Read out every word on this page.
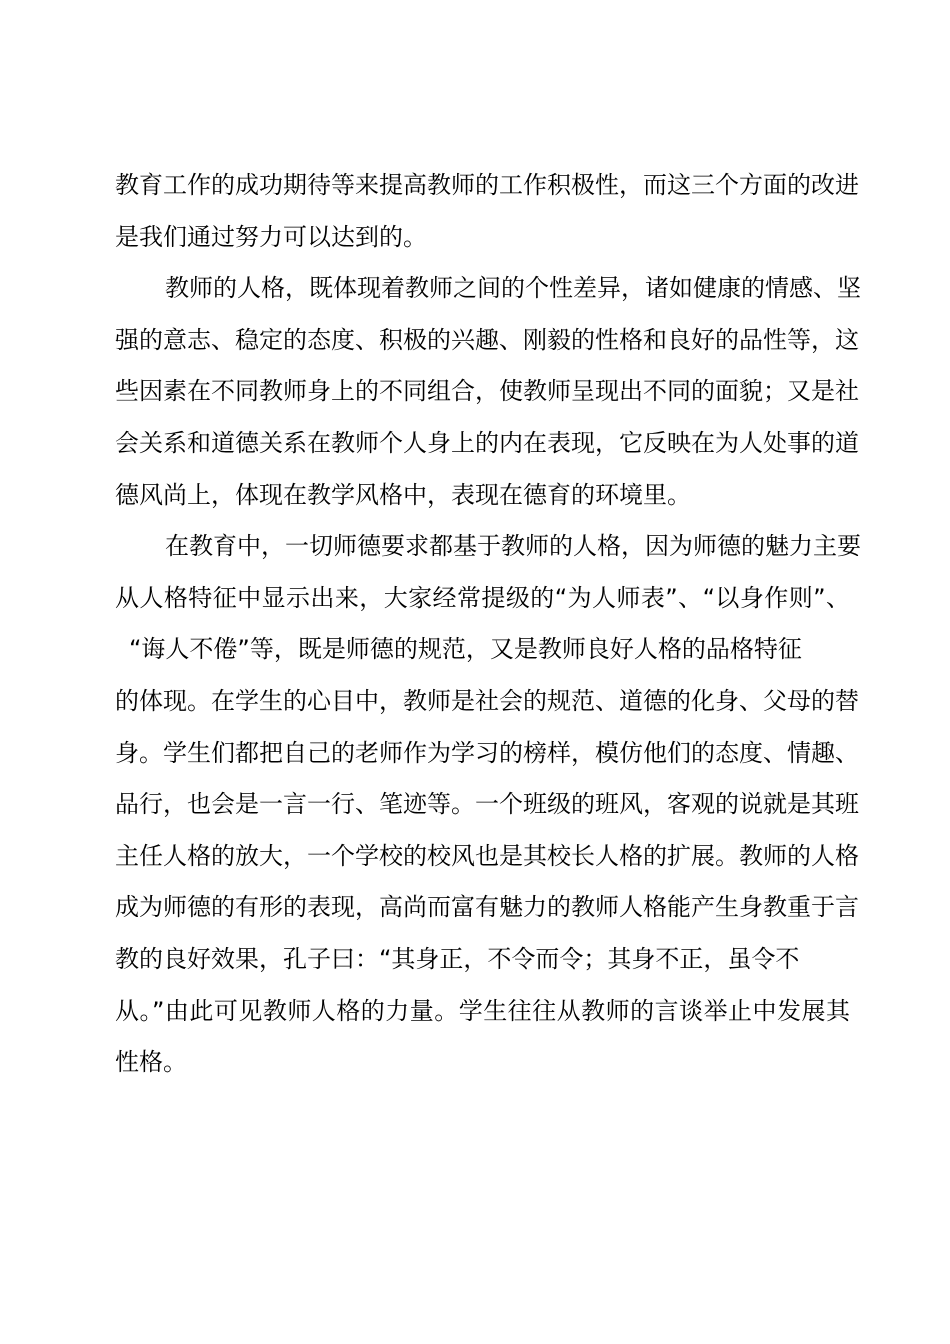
教育工作的成功期待等来提高教师的工作积极性，而这三个方面的改进
是我们通过努力可以达到的。
教师的人格，既体现着教师之间的个性差异，诸如健康的情感、坚
强的意志、稳定的态度、积极的兴趣、刚毅的性格和良好的品性等，这
些因素在不同教师身上的不同组合，使教师呈现出不同的面貌；又是社
会关系和道德关系在教师个人身上的内在表现，它反映在为人处事的道
德风尚上，体现在教学风格中，表现在德育的环境里。
在教育中，一切师德要求都基于教师的人格，因为师德的魅力主要
从人格特征中显示出来，大家经常提级的“为人师表”、“以身作则”、
“诲人不倦”等，既是师德的规范，又是教师良好人格的品格特征
的体现。在学生的心目中，教师是社会的规范、道德的化身、父母的替
身。学生们都把自己的老师作为学习的榜样，模仿他们的态度、情趣、
品行，也会是一言一行、笔迹等。一个班级的班风，客观的说就是其班
主任人格的放大，一个学校的校风也是其校长人格的扩展。教师的人格
成为师德的有形的表现，高尚而富有魅力的教师人格能产生身教重于言
教的良好效果，孔子曰：“其身正，不令而令；其身不正，虽令不
从。”由此可见教师人格的力量。学生往往从教师的言谈举止中发展其
性格。
